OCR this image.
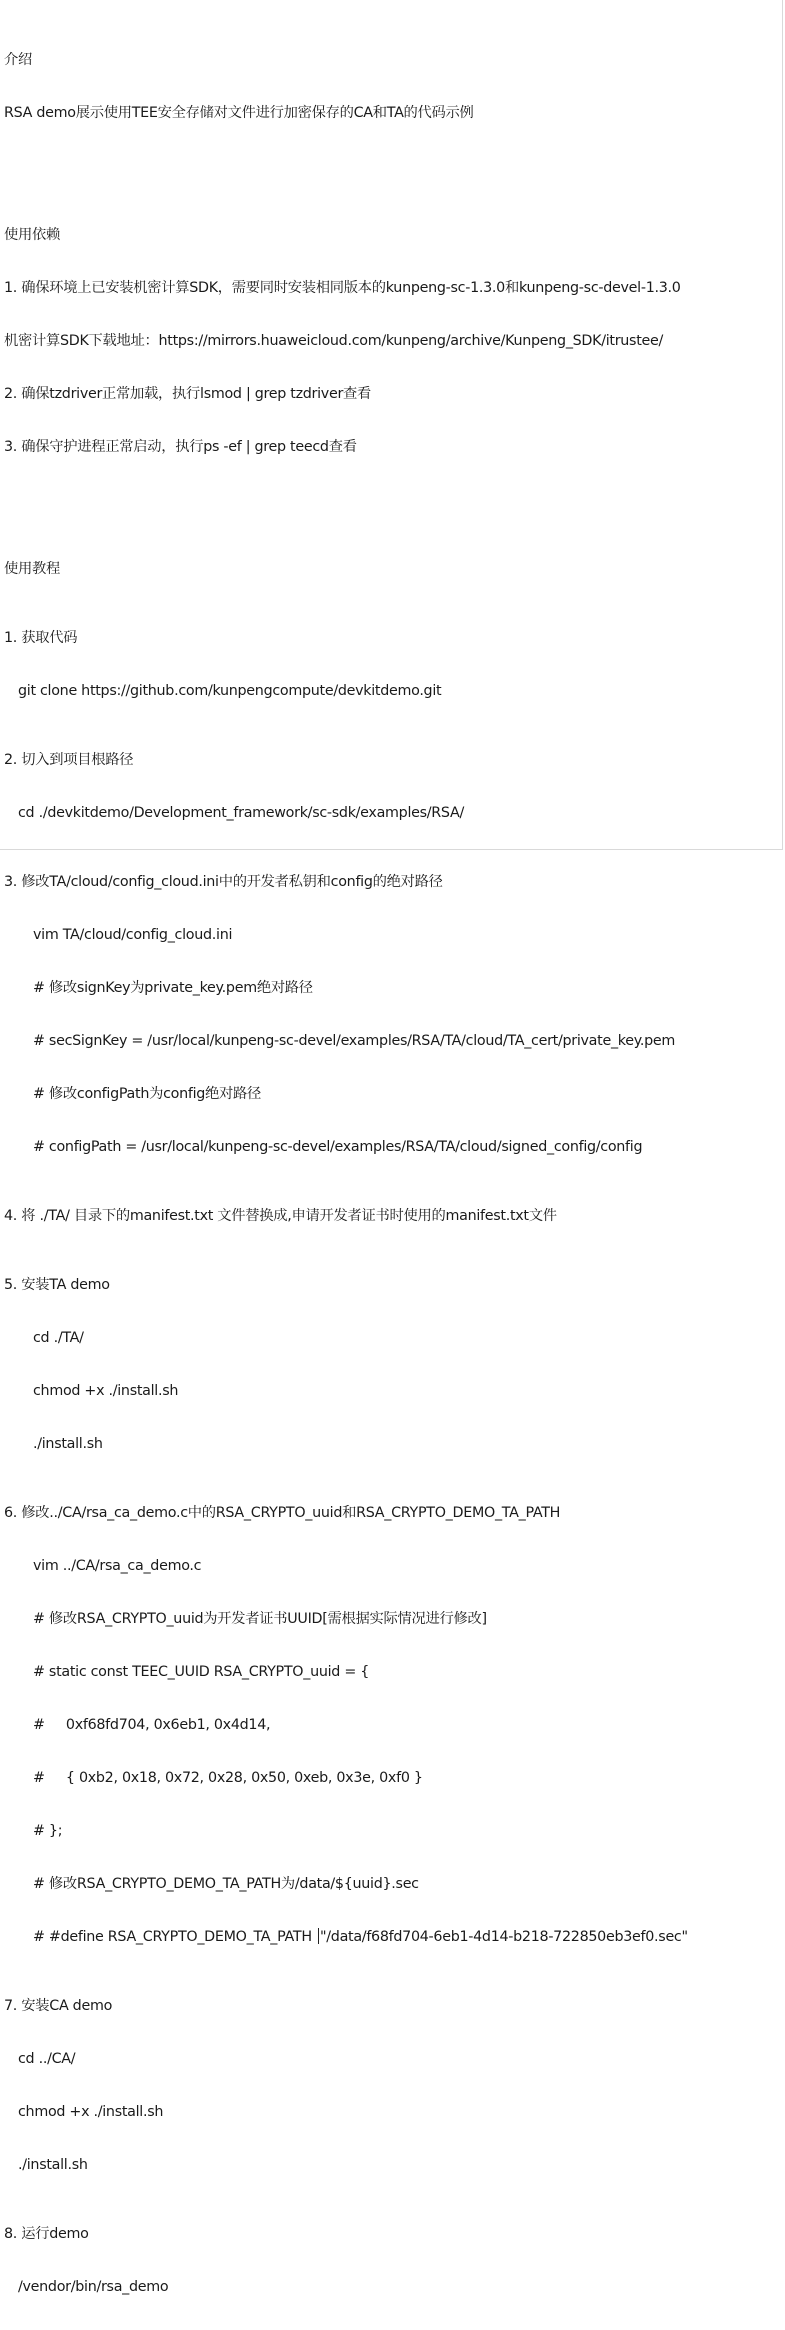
介绍

RSA demo展示使用TEE安全存储对文件进行加密保存的CA和TA的代码示例

使用依赖

1. 确保环境上已安装机密计算SDK，需要同时安装相同版本的kunpeng-sc-1.3.0和kunpeng-sc-devel-1.3.0

机密计算SDK下载地址：https://mirrors.huaweicloud.com/kunpeng/archive/Kunpeng_SDK/itrustee/

2. 确保tzdriver正常加载，执行lsmod | grep tzdriver查看

3. 确保守护进程正常启动，执行ps -ef | grep teecd查看

使用教程

1. 获取代码

git clone https://github.com/kunpengcompute/devkitdemo.git

2. 切入到项目根路径

cd ./devkitdemo/Development_framework/sc-sdk/examples/RSA/

3. 修改TA/cloud/config_cloud.ini中的开发者私钥和config的绝对路径

vim TA/cloud/config_cloud.ini

# 修改signKey为private_key.pem绝对路径

# secSignKey = /usr/local/kunpeng-sc-devel/examples/RSA/TA/cloud/TA_cert/private_key.pem

# 修改configPath为config绝对路径

# configPath = /usr/local/kunpeng-sc-devel/examples/RSA/TA/cloud/signed_config/config

4. 将 ./TA/ 目录下的manifest.txt 文件替换成,申请开发者证书时使用的manifest.txt文件

5. 安装TA demo

cd ./TA/

chmod +x ./install.sh

./install.sh

6. 修改../CA/rsa_ca_demo.c中的RSA_CRYPTO_uuid和RSA_CRYPTO_DEMO_TA_PATH

vim ../CA/rsa_ca_demo.c

# 修改RSA_CRYPTO_uuid为开发者证书UUID[需根据实际情况进行修改]

# static const TEEC_UUID RSA_CRYPTO_uuid = {

#     0xf68fd704, 0x6eb1, 0x4d14,

#     { 0xb2, 0x18, 0x72, 0x28, 0x50, 0xeb, 0x3e, 0xf0 }

# };

# 修改RSA_CRYPTO_DEMO_TA_PATH为/data/${uuid}.sec

# #define RSA_CRYPTO_DEMO_TA_PATH "/data/f68fd704-6eb1-4d14-b218-722850eb3ef0.sec"

7. 安装CA demo

cd ../CA/

chmod +x ./install.sh

./install.sh

8. 运行demo

/vendor/bin/rsa_demo
